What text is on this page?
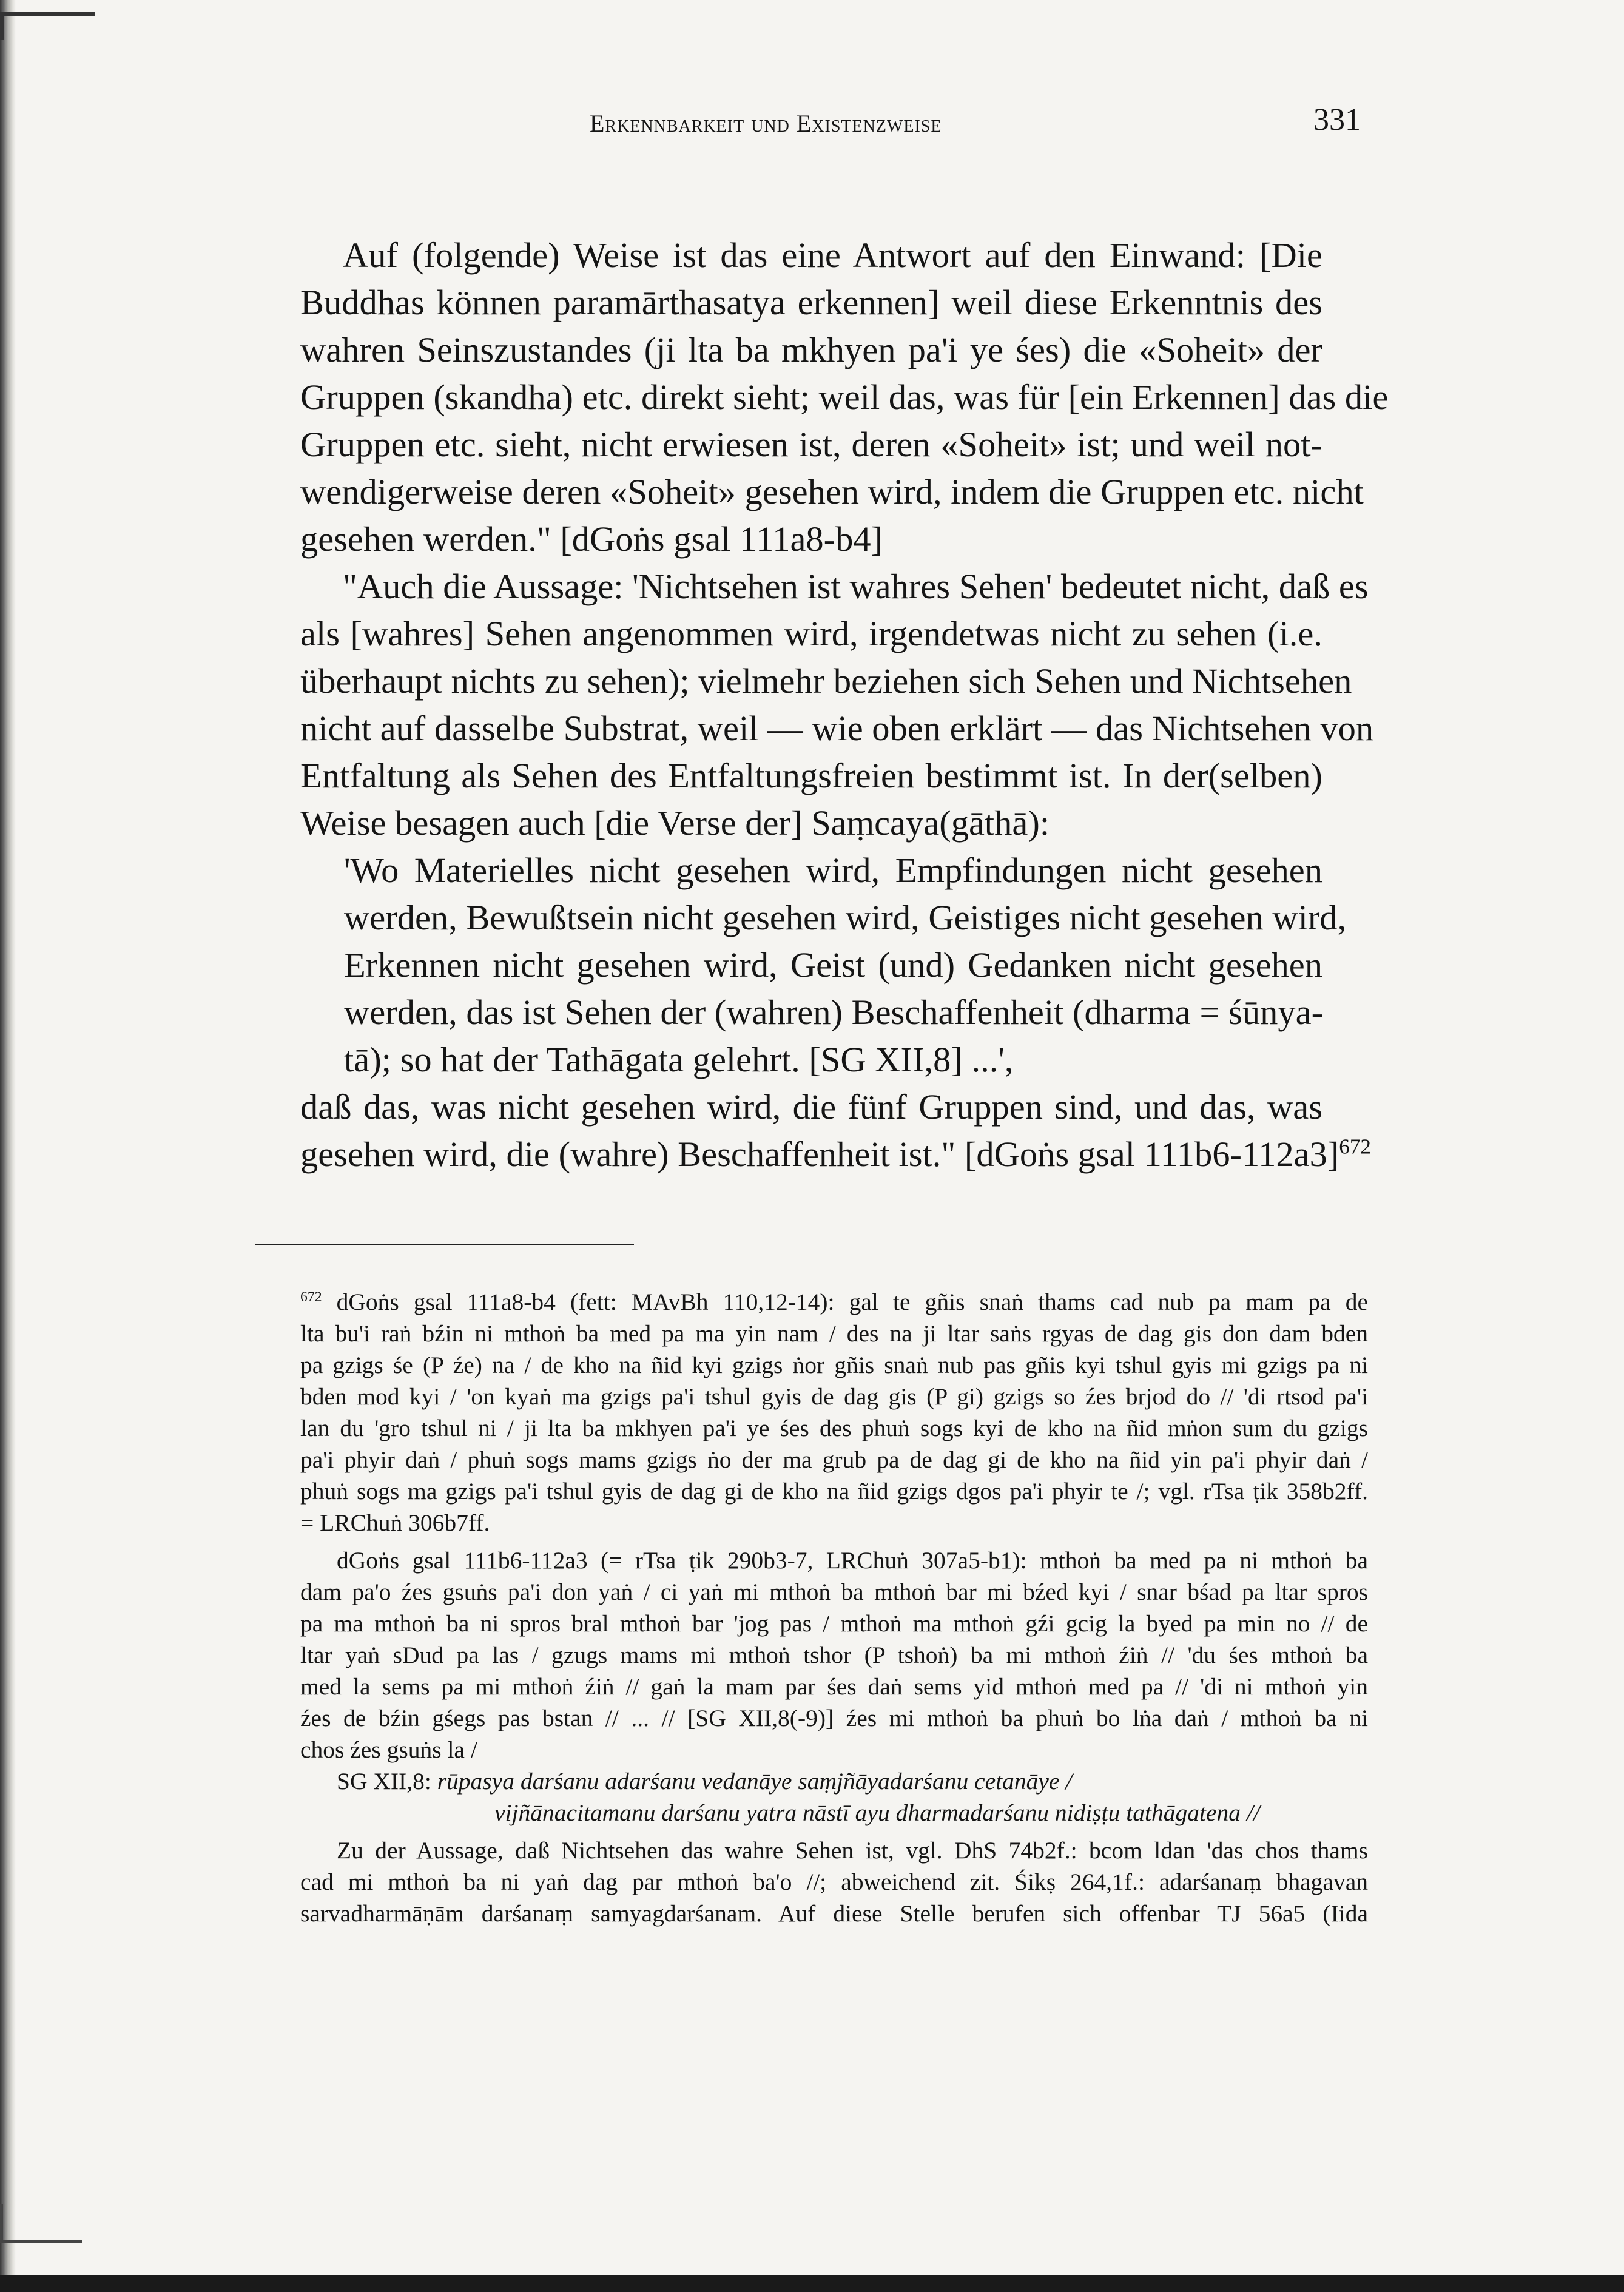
Erkennbarkeit und Existenzweise	331
Auf (folgende) Weise ist das eine Antwort auf den Einwand: [Die
Buddhas können paramārthasatya erkennen] weil diese Erkenntnis des
wahren Seinszustandes (ji lta ba mkhyen pa'i ye śes) die «Soheit» der
Gruppen (skandha) etc. direkt sieht; weil das, was für [ein Erkennen] das die
Gruppen etc. sieht, nicht erwiesen ist, deren «Soheit» ist; und weil not-
wendigerweise deren «Soheit» gesehen wird, indem die Gruppen etc. nicht
gesehen werden." [dGoṅs gsal 111a8-b4]
"Auch die Aussage: 'Nichtsehen ist wahres Sehen' bedeutet nicht, daß es
als [wahres] Sehen angenommen wird, irgendetwas nicht zu sehen (i.e.
überhaupt nichts zu sehen); vielmehr beziehen sich Sehen und Nichtsehen
nicht auf dasselbe Substrat, weil — wie oben erklärt — das Nichtsehen von
Entfaltung als Sehen des Entfaltungsfreien bestimmt ist. In der(selben)
Weise besagen auch [die Verse der] Saṃcaya(gāthā):
'Wo Materielles nicht gesehen wird, Empfindungen nicht gesehen
werden, Bewußtsein nicht gesehen wird, Geistiges nicht gesehen wird,
Erkennen nicht gesehen wird, Geist (und) Gedanken nicht gesehen
werden, das ist Sehen der (wahren) Beschaffenheit (dharma = śūnya-
tā); so hat der Tathāgata gelehrt. [SG XII,8] ...',
daß das, was nicht gesehen wird, die fünf Gruppen sind, und das, was
gesehen wird, die (wahre) Beschaffenheit ist." [dGoṅs gsal 111b6-112a3]$^{672}$
$^{672}$ dGoṅs gsal 111a8-b4 (fett: MAvBh 110,12-14): gal te gñis snaṅ thams cad nub pa mam pa de
lta bu'i raṅ bźin ni mthoṅ ba med pa ma yin nam / des na ji ltar saṅs rgyas de dag gis don dam bden
pa gzigs śe (P źe) na / de kho na ñid kyi gzigs ṅor gñis snaṅ nub pas gñis kyi tshul gyis mi gzigs pa ni
bden mod kyi / 'on kyaṅ ma gzigs pa'i tshul gyis de dag gis (P gi) gzigs so źes brjod do // 'di rtsod pa'i
lan du 'gro tshul ni / ji lta ba mkhyen pa'i ye śes des phuṅ sogs kyi de kho na ñid mṅon sum du gzigs
pa'i phyir daṅ / phuṅ sogs mams gzigs ṅo der ma grub pa de dag gi de kho na ñid yin pa'i phyir daṅ /
phuṅ sogs ma gzigs pa'i tshul gyis de dag gi de kho na ñid gzigs dgos pa'i phyir te /; vgl. rTsa ṭik 358b2ff.
= LRChuṅ 306b7ff.
dGoṅs gsal 111b6-112a3 (= rTsa ṭik 290b3-7, LRChuṅ 307a5-b1): mthoṅ ba med pa ni mthoṅ ba
dam pa'o źes gsuṅs pa'i don yaṅ / ci yaṅ mi mthoṅ ba mthoṅ bar mi bźed kyi / snar bśad pa ltar spros
pa ma mthoṅ ba ni spros bral mthoṅ bar 'jog pas / mthoṅ ma mthoṅ gźi gcig la byed pa min no // de
ltar yaṅ sDud pa las / gzugs mams mi mthoṅ tshor (P tshoṅ) ba mi mthoṅ źiṅ // 'du śes mthoṅ ba
med la sems pa mi mthoṅ źiṅ // gaṅ la mam par śes daṅ sems yid mthoṅ med pa // 'di ni mthoṅ yin
źes de bźin gśegs pas bstan // ... // [SG XII,8(-9)] źes mi mthoṅ ba phuṅ bo lṅa daṅ / mthoṅ ba ni
chos źes gsuṅs la /
SG XII,8: rūpasya darśanu adarśanu vedanāye saṃjñāyadarśanu cetanāye /
vijñānacitamanu darśanu yatra nāstī ayu dharmadarśanu nidiṣṭu tathāgatena //
Zu der Aussage, daß Nichtsehen das wahre Sehen ist, vgl. DhS 74b2f.: bcom ldan 'das chos thams
cad mi mthoṅ ba ni yaṅ dag par mthoṅ ba'o //; abweichend zit. Śikṣ 264,1f.: adarśanaṃ bhagavan
sarvadharmāṇām darśanaṃ samyagdarśanam. Auf diese Stelle berufen sich offenbar TJ 56a5 (Iida
